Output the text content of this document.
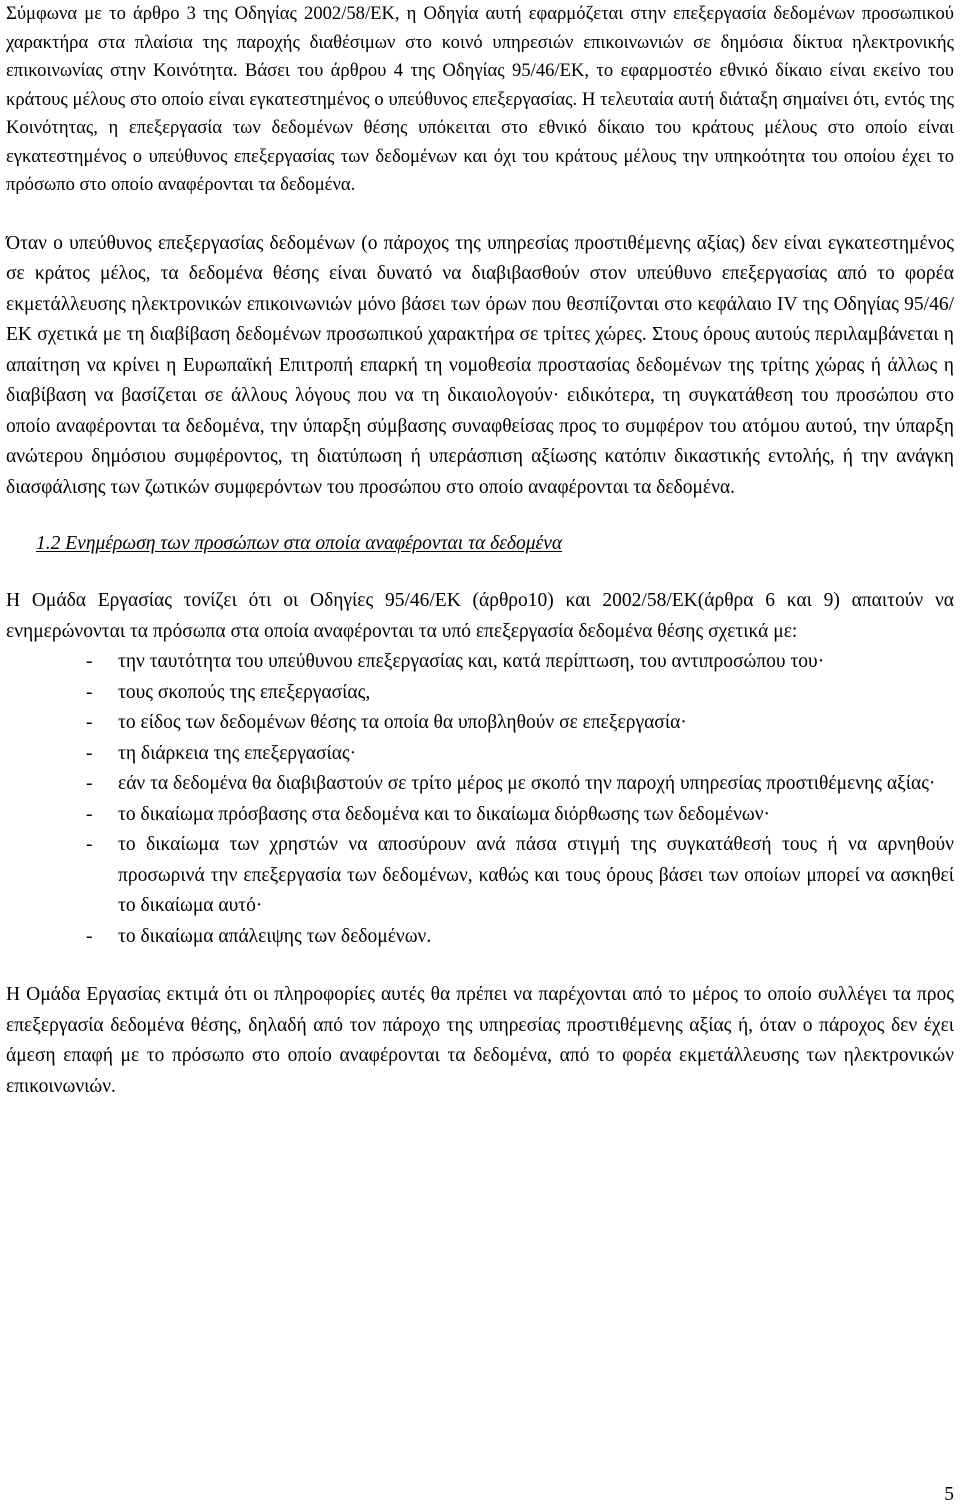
Σύμφωνα με το άρθρο 3 της Οδηγίας 2002/58/ΕΚ, η Οδηγία αυτή εφαρμόζεται στην επεξεργασία δεδομένων προσωπικού χαρακτήρα στα πλαίσια της παροχής διαθέσιμων στο κοινό υπηρεσιών επικοινωνιών σε δημόσια δίκτυα ηλεκτρονικής επικοινωνίας στην Κοινότητα. Βάσει του άρθρου 4 της Οδηγίας 95/46/ΕΚ, το εφαρμοστέο εθνικό δίκαιο είναι εκείνο του κράτους μέλους στο οποίο είναι εγκατεστημένος ο υπεύθυνος επεξεργασίας. Η τελευταία αυτή διάταξη σημαίνει ότι, εντός της Κοινότητας, η επεξεργασία των δεδομένων θέσης υπόκειται στο εθνικό δίκαιο του κράτους μέλους στο οποίο είναι εγκατεστημένος ο υπεύθυνος επεξεργασίας των δεδομένων και όχι του κράτους μέλους την υπηκοότητα του οποίου έχει το πρόσωπο στο οποίο αναφέρονται τα δεδομένα.

Όταν ο υπεύθυνος επεξεργασίας δεδομένων (ο πάροχος της υπηρεσίας προστιθέμενης αξίας) δεν είναι εγκατεστημένος σε κράτος μέλος, τα δεδομένα θέσης είναι δυνατό να διαβιβασθούν στον υπεύθυνο επεξεργασίας από το φορέα εκμετάλλευσης ηλεκτρονικών επικοινωνιών μόνο βάσει των όρων που θεσπίζονται στο κεφάλαιο IV της Οδηγίας 95/46/ΕΚ σχετικά με τη διαβίβαση δεδομένων προσωπικού χαρακτήρα σε τρίτες χώρες. Στους όρους αυτούς περιλαμβάνεται η απαίτηση να κρίνει η Ευρωπαϊκή Επιτροπή επαρκή τη νομοθεσία προστασίας δεδομένων της τρίτης χώρας ή άλλως η διαβίβαση να βασίζεται σε άλλους λόγους που να τη δικαιολογούν· ειδικότερα, τη συγκατάθεση του προσώπου στο οποίο αναφέρονται τα δεδομένα, την ύπαρξη σύμβασης συναφθείσας προς το συμφέρον του ατόμου αυτού, την ύπαρξη ανώτερου δημόσιου συμφέροντος, τη διατύπωση ή υπεράσπιση αξίωσης κατόπιν δικαστικής εντολής, ή την ανάγκη διασφάλισης των ζωτικών συμφερόντων του προσώπου στο οποίο αναφέρονται τα δεδομένα.

1.2 Ενημέρωση των προσώπων στα οποία αναφέρονται τα δεδομένα

Η Ομάδα Εργασίας τονίζει ότι οι Οδηγίες 95/46/ΕΚ (άρθρο10) και 2002/58/ΕΚ(άρθρα 6 και 9) απαιτούν να ενημερώνονται τα πρόσωπα στα οποία αναφέρονται τα υπό επεξεργασία δεδομένα θέσης σχετικά με:

- την ταυτότητα του υπεύθυνου επεξεργασίας και, κατά περίπτωση, του αντιπροσώπου του·
- τους σκοπούς της επεξεργασίας,
- το είδος των δεδομένων θέσης τα οποία θα υποβληθούν σε επεξεργασία·
- τη διάρκεια της επεξεργασίας·
- εάν τα δεδομένα θα διαβιβαστούν σε τρίτο μέρος με σκοπό την παροχή υπηρεσίας προστιθέμενης αξίας·
- το δικαίωμα πρόσβασης στα δεδομένα και το δικαίωμα διόρθωσης των δεδομένων·
- το δικαίωμα των χρηστών να αποσύρουν ανά πάσα στιγμή της συγκατάθεσή τους ή να αρνηθούν προσωρινά την επεξεργασία των δεδομένων, καθώς και τους όρους βάσει των οποίων μπορεί να ασκηθεί το δικαίωμα αυτό·
- το δικαίωμα απάλειψης των δεδομένων.

Η Ομάδα Εργασίας εκτιμά ότι οι πληροφορίες αυτές θα πρέπει να παρέχονται από το μέρος το οποίο συλλέγει τα προς επεξεργασία δεδομένα θέσης, δηλαδή από τον πάροχο της υπηρεσίας προστιθέμενης αξίας ή, όταν ο πάροχος δεν έχει άμεση επαφή με το πρόσωπο στο οποίο αναφέρονται τα δεδομένα, από το φορέα εκμετάλλευσης των ηλεκτρονικών επικοινωνιών.

5
